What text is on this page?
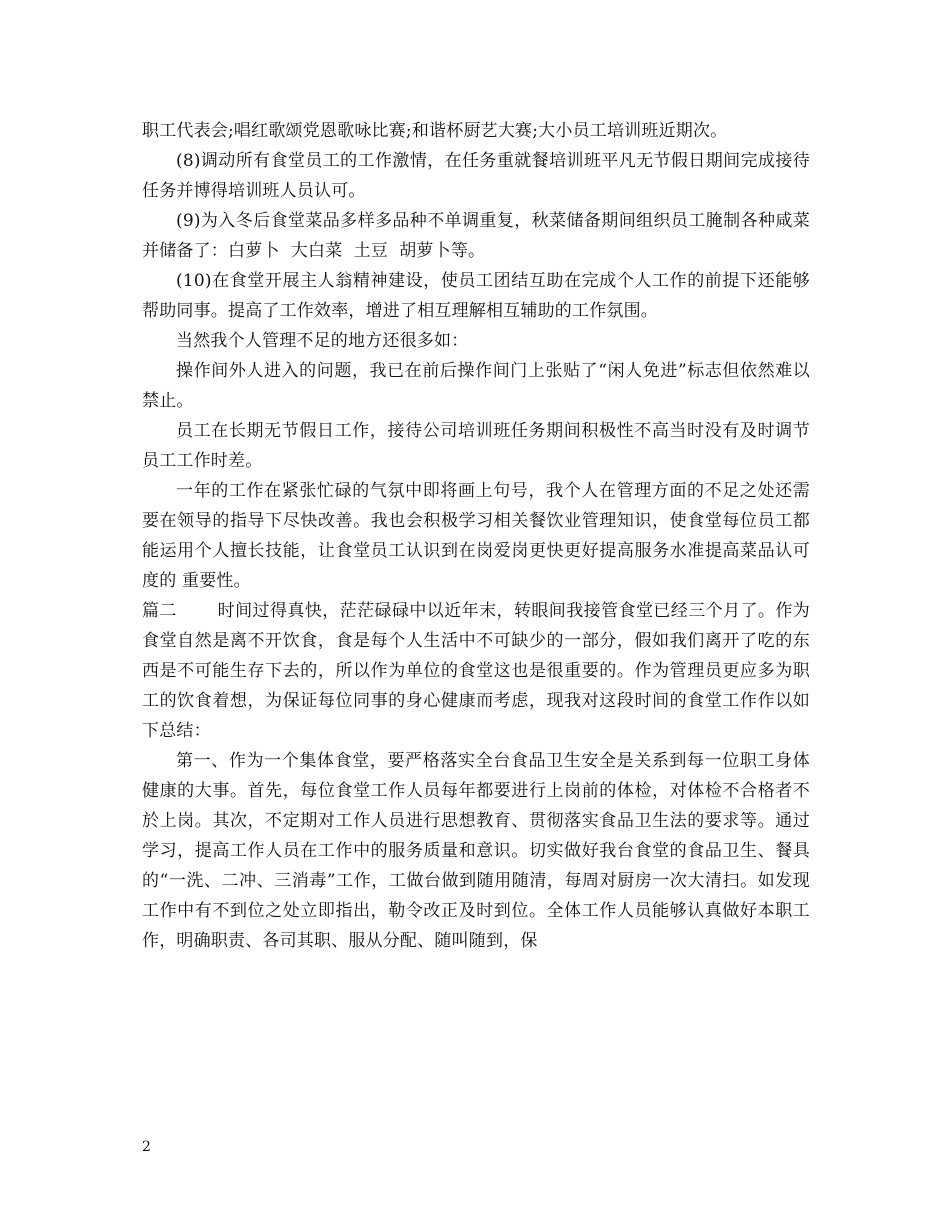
职工代表会;唱红歌颂党恩歌咏比赛;和谐杯厨艺大赛;大小员工培训班近期次。

(8)调动所有食堂员工的工作激情，在任务重就餐培训班平凡无节假日期间完成接待任务并博得培训班人员认可。

(9)为入冬后食堂菜品多样多品种不单调重复，秋菜储备期间组织员工腌制各种咸菜并储备了：白萝卜  大白菜  土豆  胡萝卜等。

(10)在食堂开展主人翁精神建设，使员工团结互助在完成个人工作的前提下还能够帮助同事。提高了工作效率，增进了相互理解相互辅助的工作氛围。

当然我个人管理不足的地方还很多如：

操作间外人进入的问题，我已在前后操作间门上张贴了“闲人免进”标志但依然难以禁止。

员工在长期无节假日工作，接待公司培训班任务期间积极性不高当时没有及时调节员工工作时差。

一年的工作在紧张忙碌的气氛中即将画上句号，我个人在管理方面的不足之处还需要在领导的指导下尽快改善。我也会积极学习相关餐饮业管理知识，使食堂每位员工都能运用个人擅长技能，让食堂员工认识到在岗爱岗更快更好提高服务水准提高菜品认可度的 重要性。

篇二       时间过得真快，茫茫碌碌中以近年末，转眼间我接管食堂已经三个月了。作为食堂自然是离不开饮食，食是每个人生活中不可缺少的一部分，假如我们离开了吃的东西是不可能生存下去的，所以作为单位的食堂这也是很重要的。作为管理员更应多为职工的饮食着想，为保证每位同事的身心健康而考虑，现我对这段时间的食堂工作作以如下总结：

第一、作为一个集体食堂，要严格落实全台食品卫生安全是关系到每一位职工身体健康的大事。首先，每位食堂工作人员每年都要进行上岗前的体检，对体检不合格者不於上岗。其次，不定期对工作人员进行思想教育、贯彻落实食品卫生法的要求等。通过学习，提高工作人员在工作中的服务质量和意识。切实做好我台食堂的食品卫生、餐具的“一洗、二冲、三消毒”工作，工做台做到随用随清，每周对厨房一次大清扫。如发现工作中有不到位之处立即指出，勒令改正及时到位。全体工作人员能够认真做好本职工作，明确职责、各司其职、服从分配、随叫随到，保

2
